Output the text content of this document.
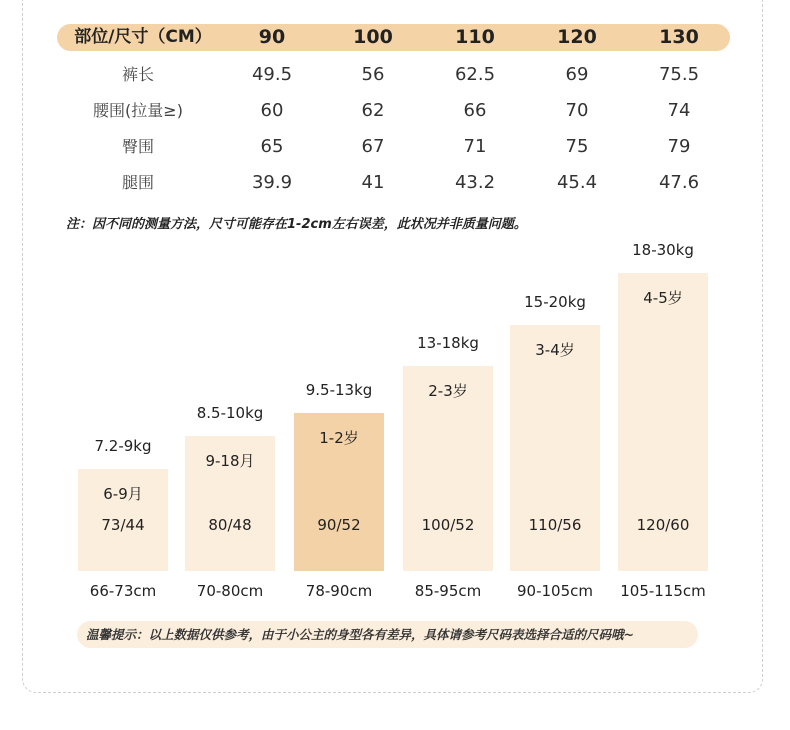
部位/尺寸（CM） 90	100	110	120	130
裤长	49.5	56	62.5	69	75.5
腰围(拉量≥)	60	62	66	70	74
臀围	65	67	71	75	79
腿围	39.9	41	43.2	45.4	47.6
注：因不同的测量方法，尺寸可能存在1-2cm左右误差，此状况并非质量问题。
7.2-9kg
6-9月
73/44
66-73cm
8.5-10kg
9-18月
80/48
70-80cm
9.5-13kg
1-2岁
90/52
78-90cm
13-18kg
2-3岁
100/52
85-95cm
15-20kg
3-4岁
110/56
90-105cm
18-30kg
4-5岁
120/60
105-115cm
温馨提示：以上数据仅供参考，由于小公主的身型各有差异，具体请参考尺码表选择合适的尺码哦~
